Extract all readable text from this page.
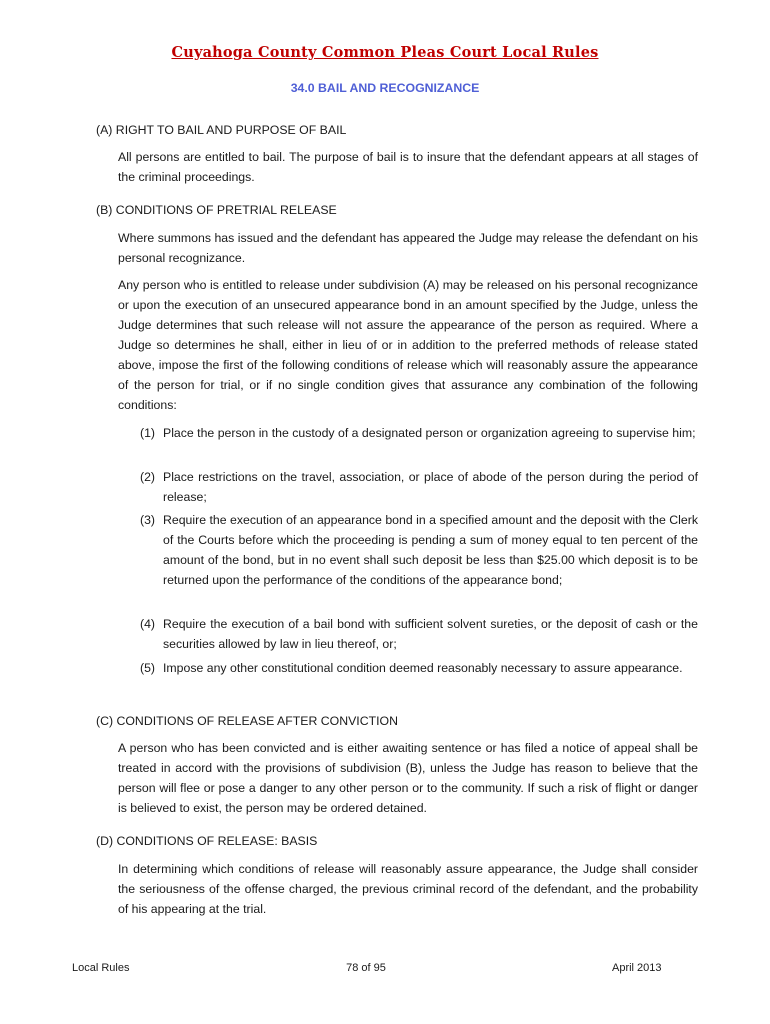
Cuyahoga County Common Pleas Court Local Rules
34.0 BAIL AND RECOGNIZANCE
(A) RIGHT TO BAIL AND PURPOSE OF BAIL
All persons are entitled to bail. The purpose of bail is to insure that the defendant appears at all stages of the criminal proceedings.
(B) CONDITIONS OF PRETRIAL RELEASE
Where summons has issued and the defendant has appeared the Judge may release the defendant on his personal recognizance.
Any person who is entitled to release under subdivision (A) may be released on his personal recognizance or upon the execution of an unsecured appearance bond in an amount specified by the Judge, unless the Judge determines that such release will not assure the appearance of the person as required. Where a Judge so determines he shall, either in lieu of or in addition to the preferred methods of release stated above, impose the first of the following conditions of release which will reasonably assure the appearance of the person for trial, or if no single condition gives that assurance any combination of the following conditions:
(1) Place the person in the custody of a designated person or organization agreeing to supervise him;
(2) Place restrictions on the travel, association, or place of abode of the person during the period of release;
(3) Require the execution of an appearance bond in a specified amount and the deposit with the Clerk of the Courts before which the proceeding is pending a sum of money equal to ten percent of the amount of the bond, but in no event shall such deposit be less than $25.00 which deposit is to be returned upon the performance of the conditions of the appearance bond;
(4) Require the execution of a bail bond with sufficient solvent sureties, or the deposit of cash or the securities allowed by law in lieu thereof, or;
(5) Impose any other constitutional condition deemed reasonably necessary to assure appearance.
(C) CONDITIONS OF RELEASE AFTER CONVICTION
A person who has been convicted and is either awaiting sentence or has filed a notice of appeal shall be treated in accord with the provisions of subdivision (B), unless the Judge has reason to believe that the person will flee or pose a danger to any other person or to the community. If such a risk of flight or danger is believed to exist, the person may be ordered detained.
(D) CONDITIONS OF RELEASE: BASIS
In determining which conditions of release will reasonably assure appearance, the Judge shall consider the seriousness of the offense charged, the previous criminal record of the defendant, and the probability of his appearing at the trial.
Local Rules	78 of 95	April 2013
